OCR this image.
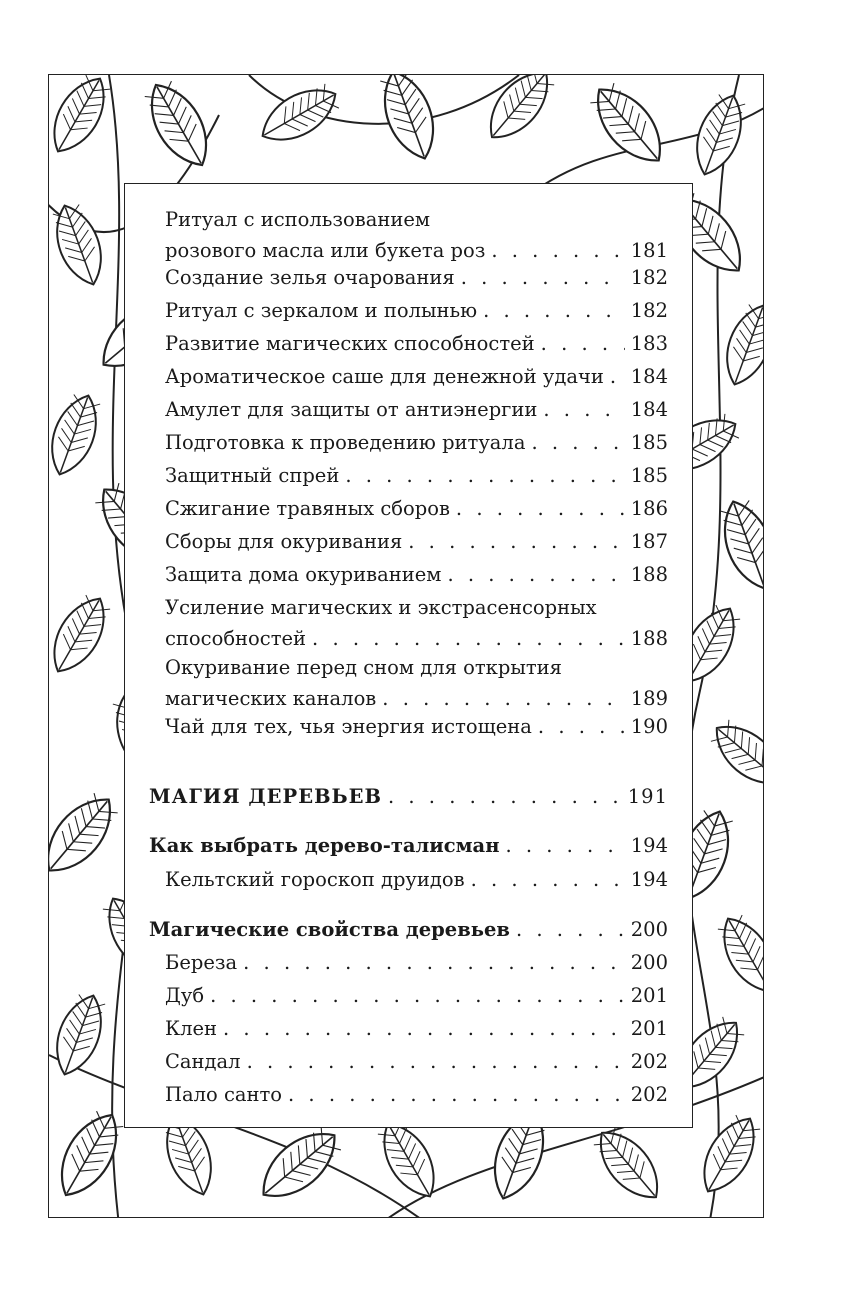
Ритуал с использованием
розового масла или букета роз . . .	181
Создание зелья очарования . . .	182
Ритуал с зеркалом и полынью . . .	182
Развитие магических способностей . . .	183
Ароматическое саше для денежной удачи . . . 184
Амулет для защиты от антиэнергии . . .	184
Подготовка к проведению ритуала . . .	185
Защитный спрей . . .	185
Сжигание травяных сборов . . .	186
Сборы для окуривания . . .	187
Защита дома окуриванием . . .	188
Усиление магических и экстрасенсорных
способностей . . .	188
Окуривание перед сном для открытия
магических каналов . . .	189
Чай для тех, чья энергия истощена . . .	190
МАГИЯ ДЕРЕВЬЕВ . . .	191
Как выбрать дерево-талисман . . .	194
Кельтский гороскоп друидов . . .	194
Магические свойства деревьев . . .	200
Береза . . .	200
Дуб . . .	201
Клен . . .	201
Сандал . . .	202
Пало санто . . .	202
